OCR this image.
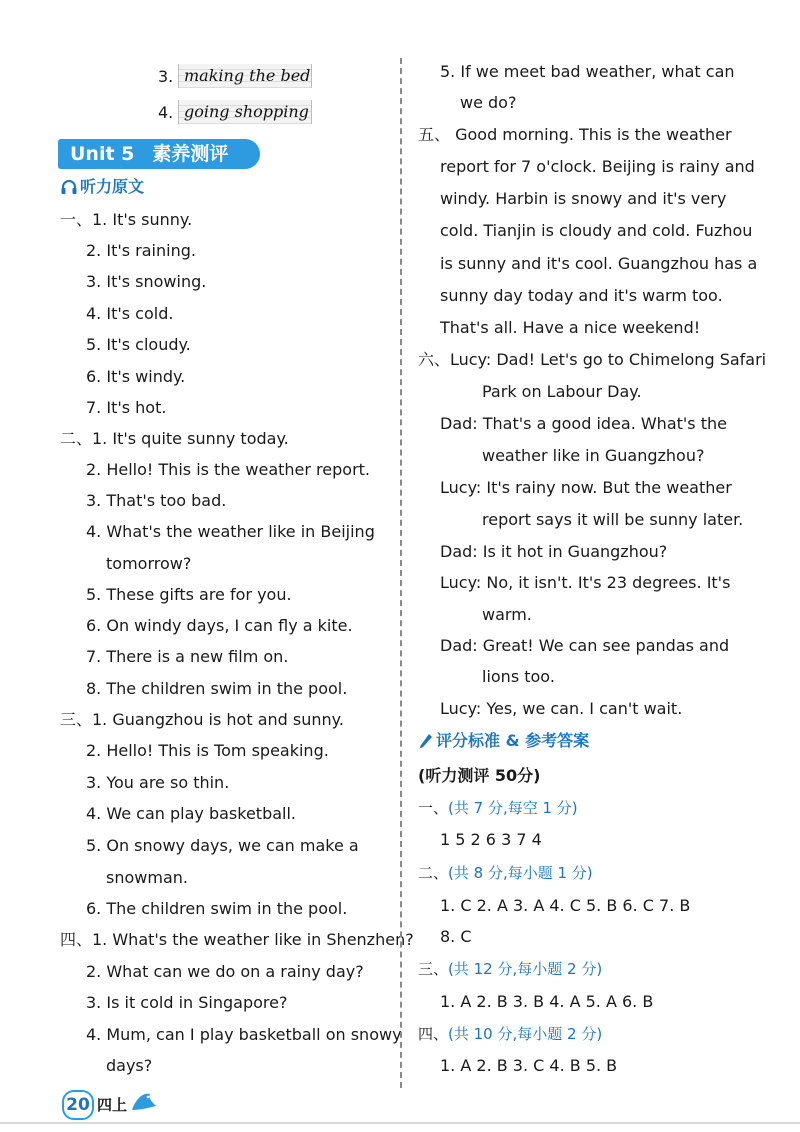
3. making the bed
4. going shopping
Unit 5 素养测评
听力原文
一、1. It's sunny.
2. It's raining.
3. It's snowing.
4. It's cold.
5. It's cloudy.
6. It's windy.
7. It's hot.
二、1. It's quite sunny today.
2. Hello! This is the weather report.
3. That's too bad.
4. What's the weather like in Beijing
tomorrow?
5. These gifts are for you.
6. On windy days, I can fly a kite.
7. There is a new film on.
8. The children swim in the pool.
三、1. Guangzhou is hot and sunny.
2. Hello! This is Tom speaking.
3. You are so thin.
4. We can play basketball.
5. On snowy days, we can make a
snowman.
6. The children swim in the pool.
四、1. What's the weather like in Shenzhen?
2. What can we do on a rainy day?
3. Is it cold in Singapore?
4. Mum, can I play basketball on snowy
days?
5. If we meet bad weather, what can
we do?
五、 Good morning. This is the weather
report for 7 o'clock. Beijing is rainy and
windy. Harbin is snowy and it's very
cold. Tianjin is cloudy and cold. Fuzhou
is sunny and it's cool. Guangzhou has a
sunny day today and it's warm too.
That's all. Have a nice weekend!
六、Lucy: Dad! Let's go to Chimelong Safari
Park on Labour Day.
Dad: That's a good idea. What's the
weather like in Guangzhou?
Lucy: It's rainy now. But the weather
report says it will be sunny later.
Dad: Is it hot in Guangzhou?
Lucy: No, it isn't. It's 23 degrees. It's
warm.
Dad: Great! We can see pandas and
lions too.
Lucy: Yes, we can. I can't wait.
评分标准 & 参考答案
(听力测评 50分)
一、(共 7 分,每空 1 分)
1 5 2 6 3 7 4
二、(共 8 分,每小题 1 分)
1. C 2. A 3. A 4. C 5. B 6. C 7. B
8. C
三、(共 12 分,每小题 2 分)
1. A 2. B 3. B 4. A 5. A 6. B
四、(共 10 分,每小题 2 分)
1. A 2. B 3. C 4. B 5. B
20 四上
